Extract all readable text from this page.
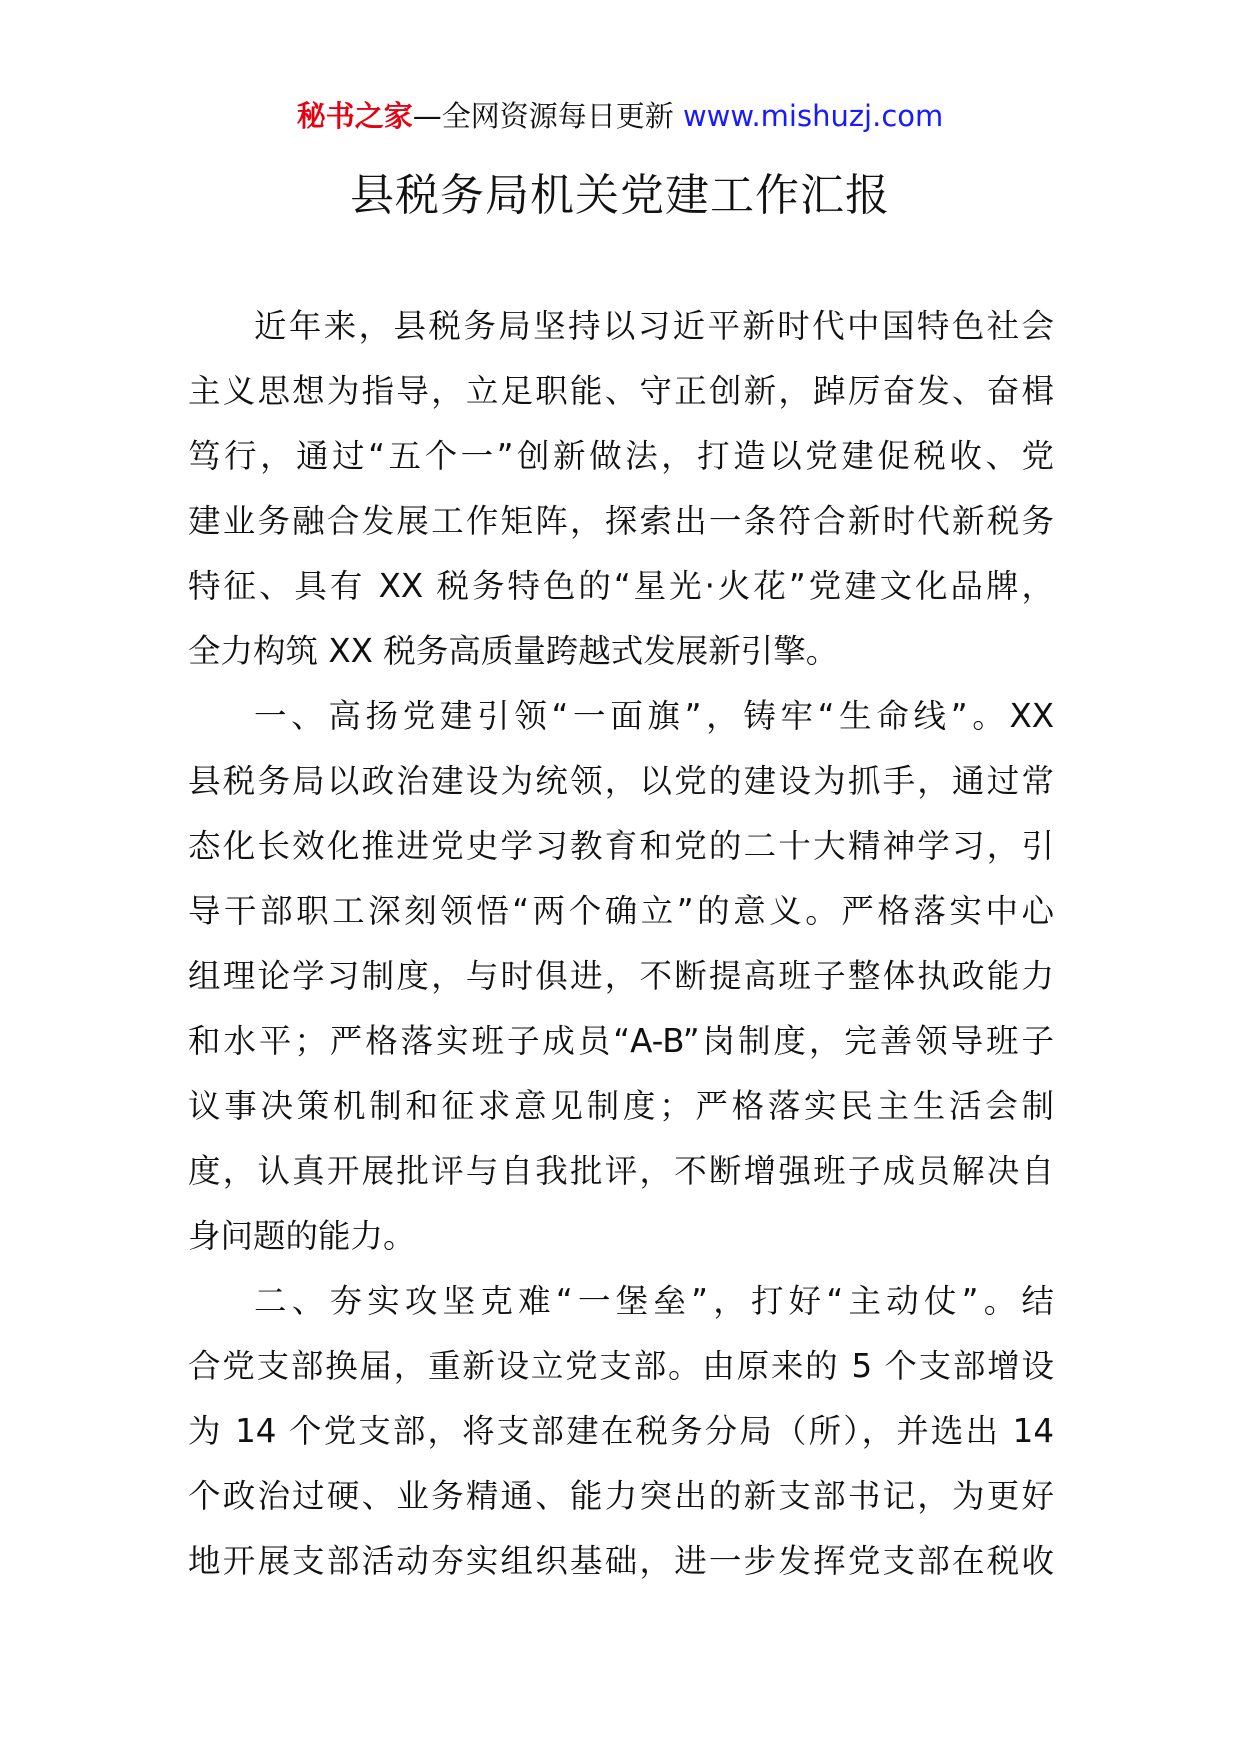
秘书之家—全网资源每日更新 www.mishuzj.com
县税务局机关党建工作汇报
近年来，县税务局坚持以习近平新时代中国特色社会
主义思想为指导，立足职能、守正创新，踔厉奋发、奋楫
笃行，通过“五个一”创新做法，打造以党建促税收、党
建业务融合发展工作矩阵，探索出一条符合新时代新税务
特征、具有 XX 税务特色的“星光·火花”党建文化品牌，
全力构筑 XX 税务高质量跨越式发展新引擎。
一、高扬党建引领“一面旗”，铸牢“生命线”。XX
县税务局以政治建设为统领，以党的建设为抓手，通过常
态化长效化推进党史学习教育和党的二十大精神学习，引
导干部职工深刻领悟“两个确立”的意义。严格落实中心
组理论学习制度，与时俱进，不断提高班子整体执政能力
和水平；严格落实班子成员“A-B”岗制度，完善领导班子
议事决策机制和征求意见制度；严格落实民主生活会制
度，认真开展批评与自我批评，不断增强班子成员解决自
身问题的能力。
二、夯实攻坚克难“一堡垒”，打好“主动仗”。结
合党支部换届，重新设立党支部。由原来的 5 个支部增设
为 14 个党支部，将支部建在税务分局（所），并选出 14
个政治过硬、业务精通、能力突出的新支部书记，为更好
地开展支部活动夯实组织基础，进一步发挥党支部在税收
